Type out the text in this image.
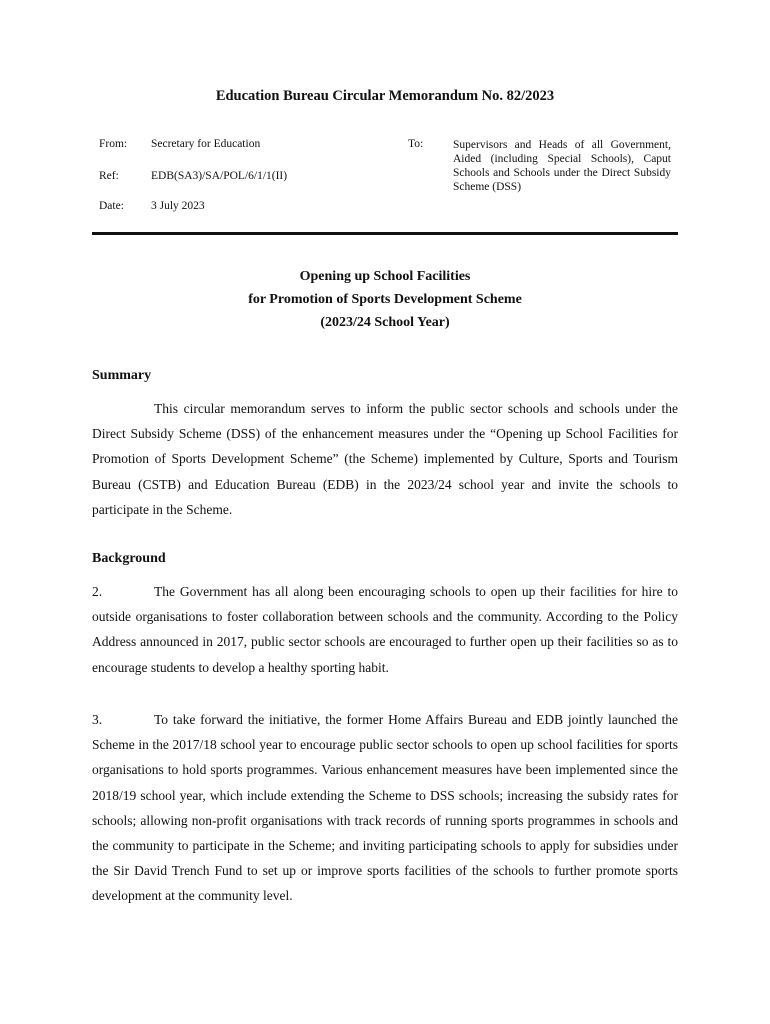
Education Bureau Circular Memorandum No. 82/2023
From: Secretary for Education
Ref:	EDB(SA3)/SA/POL/6/1/1(II)
Date: 3 July 2023
To:	Supervisors and Heads of all Government, Aided (including Special Schools), Caput Schools and Schools under the Direct Subsidy Scheme (DSS)
Opening up School Facilities
for Promotion of Sports Development Scheme
(2023/24 School Year)
Summary
This circular memorandum serves to inform the public sector schools and schools under the Direct Subsidy Scheme (DSS) of the enhancement measures under the “Opening up School Facilities for Promotion of Sports Development Scheme” (the Scheme) implemented by Culture, Sports and Tourism Bureau (CSTB) and Education Bureau (EDB) in the 2023/24 school year and invite the schools to participate in the Scheme.
Background
2.	The Government has all along been encouraging schools to open up their facilities for hire to outside organisations to foster collaboration between schools and the community. According to the Policy Address announced in 2017, public sector schools are encouraged to further open up their facilities so as to encourage students to develop a healthy sporting habit.
3.	To take forward the initiative, the former Home Affairs Bureau and EDB jointly launched the Scheme in the 2017/18 school year to encourage public sector schools to open up school facilities for sports organisations to hold sports programmes. Various enhancement measures have been implemented since the 2018/19 school year, which include extending the Scheme to DSS schools; increasing the subsidy rates for schools; allowing non-profit organisations with track records of running sports programmes in schools and the community to participate in the Scheme; and inviting participating schools to apply for subsidies under the Sir David Trench Fund to set up or improve sports facilities of the schools to further promote sports development at the community level.
